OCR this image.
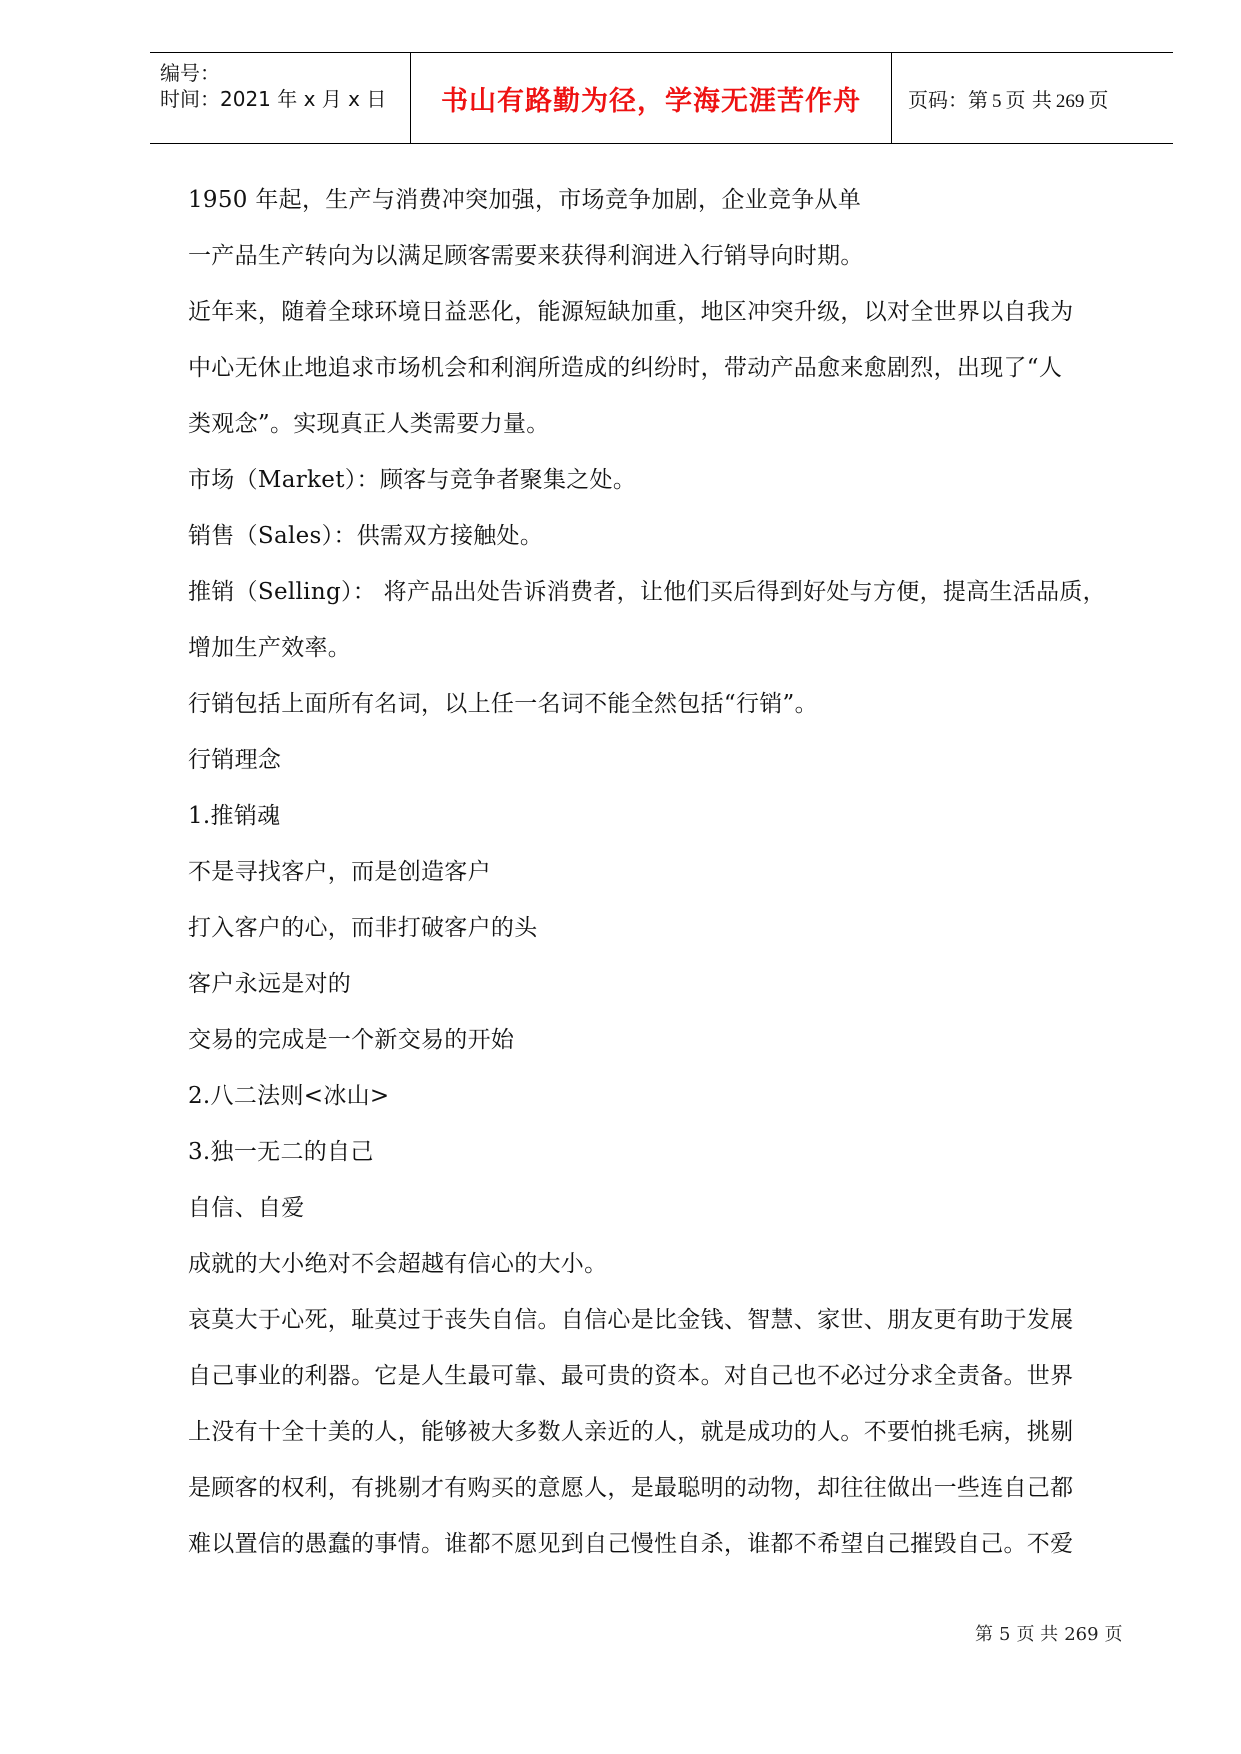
编号：
时间：2021 年 x 月 x 日 书山有路勤为径，学海无涯苦作舟 页码：第 5 页 共 269 页

1950 年起，生产与消费冲突加强，市场竞争加剧，企业竞争从单

一产品生产转向为以满足顾客需要来获得利润进入行销导向时期。

近年来，随着全球环境日益恶化，能源短缺加重，地区冲突升级，以对全世界以自我为

中心无休止地追求市场机会和利润所造成的纠纷时，带动产品愈来愈剧烈，出现了“人

类观念”。实现真正人类需要力量。

市场（Market）：顾客与竞争者聚集之处。

销售（Sales）：供需双方接触处。

推销（Selling）： 将产品出处告诉消费者，让他们买后得到好处与方便，提高生活品质，

增加生产效率。

行销包括上面所有名词，以上任一名词不能全然包括“行销”。

行销理念

1.推销魂

不是寻找客户，而是创造客户

打入客户的心，而非打破客户的头

客户永远是对的

交易的完成是一个新交易的开始

2.八二法则<冰山>

3.独一无二的自己

自信、自爱

成就的大小绝对不会超越有信心的大小。

哀莫大于心死，耻莫过于丧失自信。自信心是比金钱、智慧、家世、朋友更有助于发展

自己事业的利器。它是人生最可靠、最可贵的资本。对自己也不必过分求全责备。世界

上没有十全十美的人，能够被大多数人亲近的人，就是成功的人。不要怕挑毛病，挑剔

是顾客的权利，有挑剔才有购买的意愿人，是最聪明的动物，却往往做出一些连自己都

难以置信的愚蠢的事情。谁都不愿见到自己慢性自杀，谁都不希望自己摧毁自己。不爱

第 5 页 共 269 页
